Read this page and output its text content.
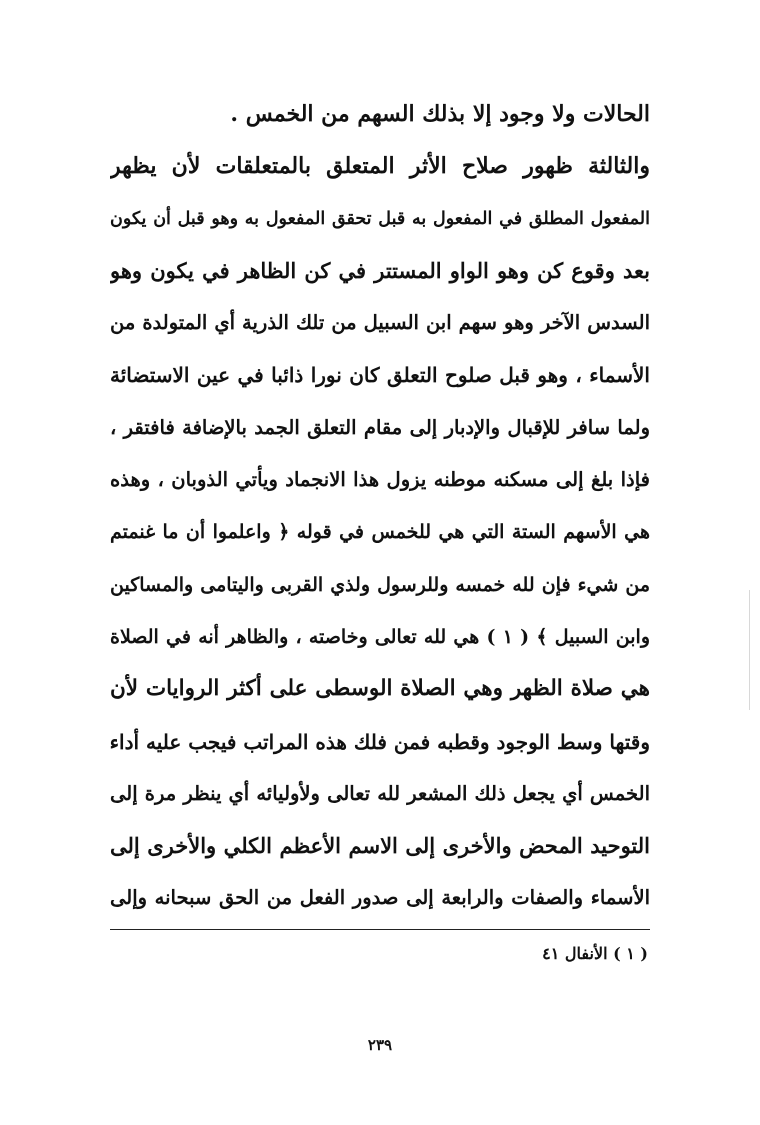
الحالات ولا وجود إلا بذلك السهم من الخمس .
والثالثة ظهور صلاح الأثر المتعلق بالمتعلقات لأن يظهر
المفعول المطلق في المفعول به قبل تحقق المفعول به وهو قبل أن يكون
بعد وقوع كن وهو الواو المستتر في كن الظاهر في يكون وهو
السدس الآخر وهو سهم ابن السبيل من تلك الذرية أي المتولدة من
الأسماء ، وهو قبل صلوح التعلق كان نورا ذائبا في عين الاستضائة
ولما سافر للإقبال والإدبار إلى مقام التعلق الجمد بالإضافة فافتقر ،
فإذا بلغ إلى مسكنه موطنه يزول هذا الانجماد ويأتي الذوبان ، وهذه
هي الأسهم الستة التي هي للخمس في قوله ﴿ واعلموا أن ما غنمتم
من شيء فإن لله خمسه وللرسول ولذي القربى واليتامى والمساكين
وابن السبيل ﴾ ( ١ ) هي لله تعالى وخاصته ، والظاهر أنه في الصلاة
هي صلاة الظهر وهي الصلاة الوسطى على أكثر الروايات لأن
وقتها وسط الوجود وقطبه فمن فلك هذه المراتب فيجب عليه أداء
الخمس أي يجعل ذلك المشعر لله تعالى ولأوليائه أي ينظر مرة إلى
التوحيد المحض والأخرى إلى الاسم الأعظم الكلي والأخرى إلى
الأسماء والصفات والرابعة إلى صدور الفعل من الحق سبحانه وإلى
( ١ ) الأنفال ٤١
٢٣٩
